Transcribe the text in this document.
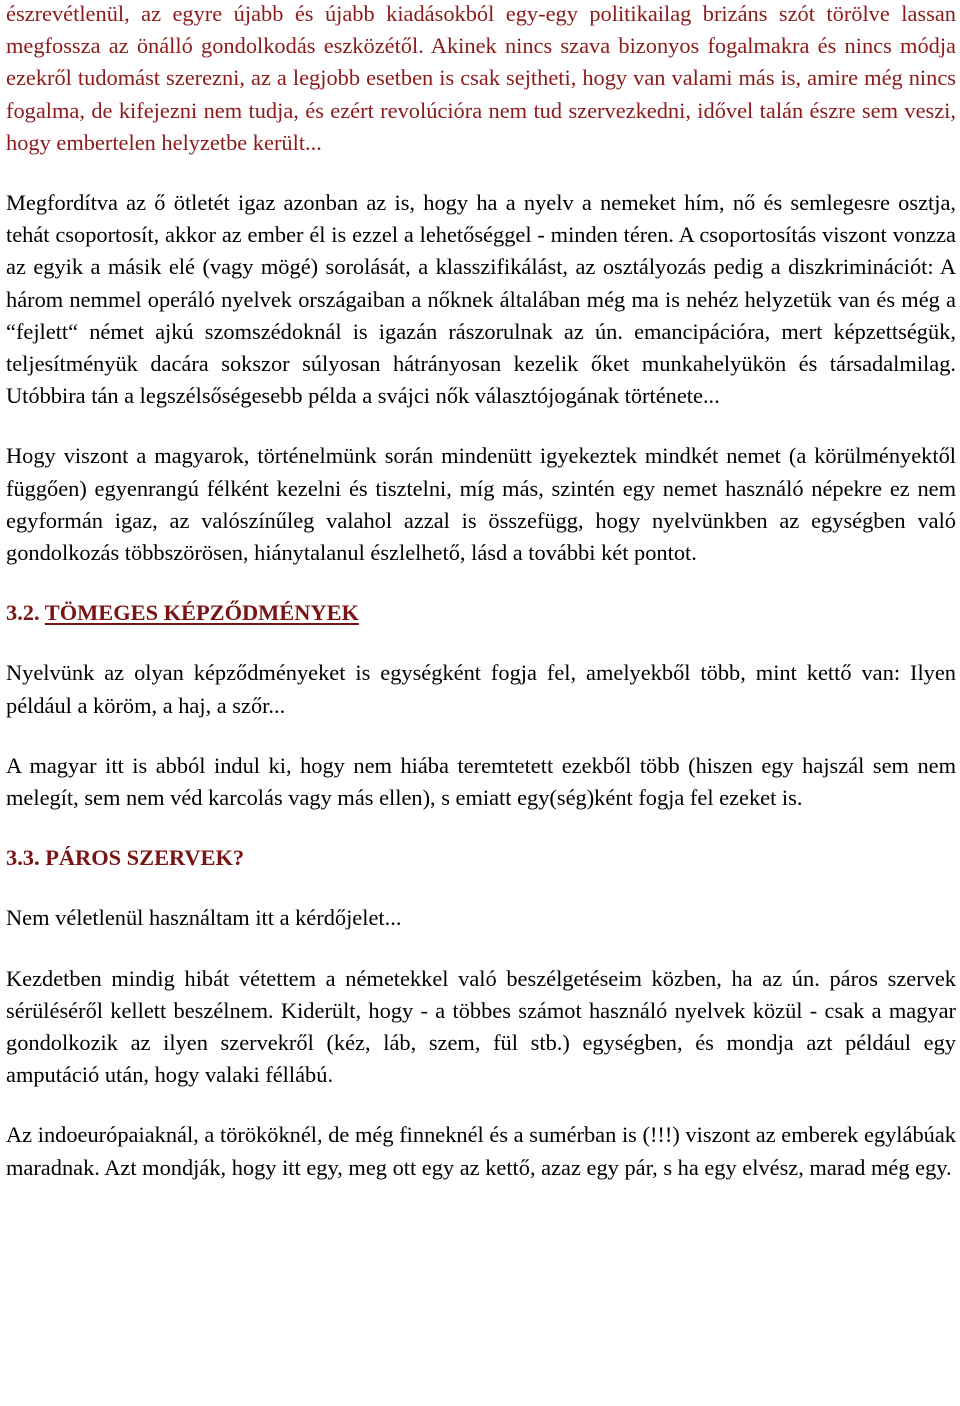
észrevétlenül, az egyre újabb és újabb kiadásokból egy-egy politikailag brizáns szót törölve lassan megfossza az önálló gondolkodás eszközétől. Akinek nincs szava bizonyos fogalmakra és nincs módja ezekről tudomást szerezni, az a legjobb esetben is csak sejtheti, hogy van valami más is, amire még nincs fogalma, de kifejezni nem tudja, és ezért revolúcióra nem tud szervezkedni, idővel talán észre sem veszi, hogy embertelen helyzetbe került...

Megfordítva az ő ötletét igaz azonban az is, hogy ha a nyelv a nemeket hím, nő és semlegesre osztja, tehát csoportosít, akkor az ember él is ezzel a lehetőséggel - minden téren. A csoportosítás viszont vonzza az egyik a másik elé (vagy mögé) sorolását, a klasszifikálást, az osztályozás pedig a diszkriminációt: A három nemmel operáló nyelvek országaiban a nőknek általában még ma is nehéz helyzetük van és még a “fejlett“ német ajkú szomszédoknál is igazán rászorulnak az ún. emancipációra, mert képzettségük, teljesítményük dacára sokszor súlyosan hátrányosan kezelik őket munkahelyükön és társadalmilag. Utóbbira tán a legszélsőségesebb példa a svájci nők választójogának története...

Hogy viszont a magyarok, történelmünk során mindenütt igyekeztek mindkét nemet (a körülményektől függően) egyenrangú félként kezelni és tisztelni, míg más, szintén egy nemet használó népekre ez nem egyformán igaz, az valószínűleg valahol azzal is összefügg, hogy nyelvünkben az egységben való gondolkozás többszörösen, hiánytalanul észlelhető, lásd a további két pontot.

3.2. TÖMEGES KÉPZŐDMÉNYEK

Nyelvünk az olyan képződményeket is egységként fogja fel, amelyekből több, mint kettő van: Ilyen például a köröm, a haj, a szőr...

A magyar itt is abból indul ki, hogy nem hiába teremtetett ezekből több (hiszen egy hajszál sem nem melegít, sem nem véd karcolás vagy más ellen), s emiatt egy(ség)ként fogja fel ezeket is.

3.3. PÁROS SZERVEK?

Nem véletlenül használtam itt a kérdőjelet...

Kezdetben mindig hibát vétettem a németekkel való beszélgetéseim közben, ha az ún. páros szervek sérüléséről kellett beszélnem. Kiderült, hogy - a többes számot használó nyelvek közül - csak a magyar gondolkozik az ilyen szervekről (kéz, láb, szem, fül stb.) egységben, és mondja azt például egy amputáció után, hogy valaki féllábú.

Az indoeurópaiaknál, a törököknél, de még finneknél és a sumérban is (!!!) viszont az emberek egylábúak maradnak. Azt mondják, hogy itt egy, meg ott egy az kettő, azaz egy pár, s ha egy elvész, marad még egy.
